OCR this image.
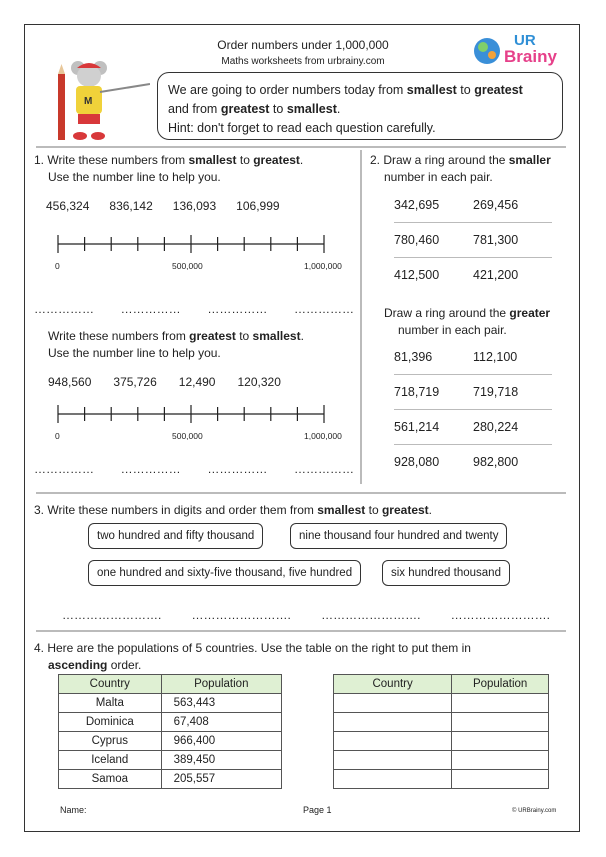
Order numbers under 1,000,000
Maths worksheets from urbrainy.com
UR
Brainy
M
We are going to order numbers today from smallest to greatest
and from greatest to smallest.
Hint: don't forget to read each question carefully.
1. Write these numbers from smallest to greatest.
Use the number line to help you.
456,324 836,142 136,093 106,999
0	500,000	1,000,000
…………… …………… …………… ……………
Write these numbers from greatest to smallest.
Use the number line to help you.
948,560 375,726 12,490 120,320
0	500,000	1,000,000
…………… …………… …………… ……………
2. Draw a ring around the smaller
number in each pair.
342,695	269,456
780,460	781,300
412,500	421,200
Draw a ring around the greater
number in each pair.
81,396	112,100
718,719	719,718
561,214	280,224
928,080	982,800
3. Write these numbers in digits and order them from smallest to greatest.
two hundred and fifty thousand	nine thousand four hundred and twenty
one hundred and sixty-five thousand, five hundred	six hundred thousand
…………………….	…………………….	…………………….	…………………….
4. Here are the populations of 5 countries. Use the table on the right to put them in
ascending order.
Country	Population
Malta	563,443
Dominica	67,408
Cyprus	966,400
Iceland	389,450
Samoa	205,557
Country	Population

Name:	Page 1	© URBrainy.com
